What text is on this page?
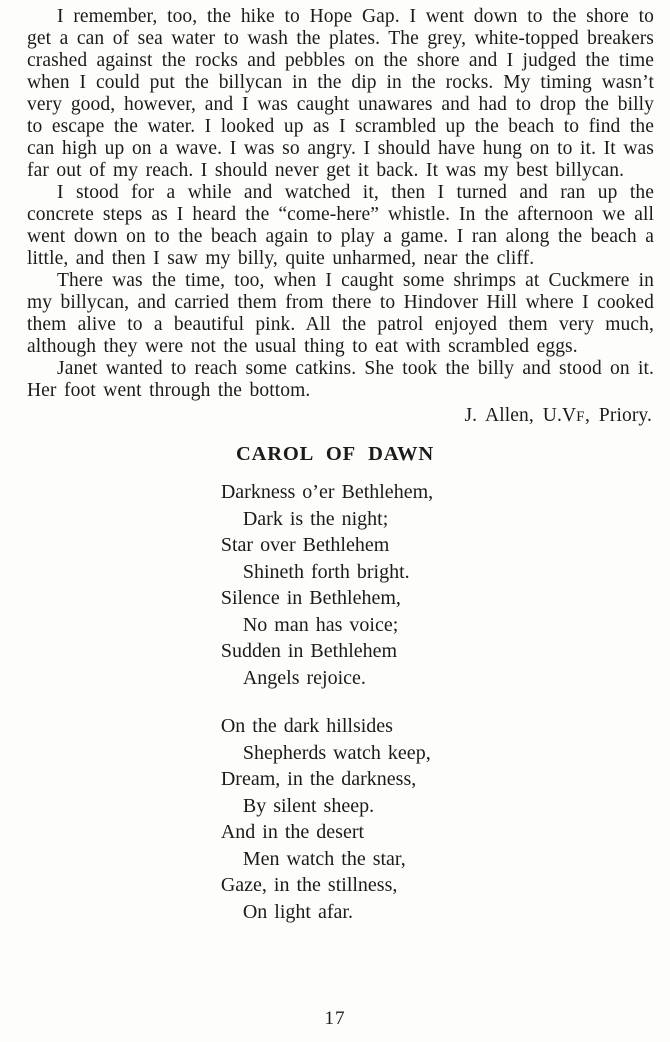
I remember, too, the hike to Hope Gap. I went down to the shore to get a can of sea water to wash the plates. The grey, white-topped breakers crashed against the rocks and pebbles on the shore and I judged the time when I could put the billycan in the dip in the rocks. My timing wasn’t very good, however, and I was caught unawares and had to drop the billy to escape the water. I looked up as I scrambled up the beach to find the can high up on a wave. I was so angry. I should have hung on to it. It was far out of my reach. I should never get it back. It was my best billycan.

I stood for a while and watched it, then I turned and ran up the concrete steps as I heard the “come-here” whistle. In the afternoon we all went down on to the beach again to play a game. I ran along the beach a little, and then I saw my billy, quite unharmed, near the cliff.

There was the time, too, when I caught some shrimps at Cuckmere in my billycan, and carried them from there to Hindover Hill where I cooked them alive to a beautiful pink. All the patrol enjoyed them very much, although they were not the usual thing to eat with scrambled eggs.

Janet wanted to reach some catkins. She took the billy and stood on it. Her foot went through the bottom.

J. Allen, U.VF, Priory.

CAROL OF DAWN
Darkness o’er Bethlehem,
Dark is the night;
Star over Bethlehem
Shineth forth bright.
Silence in Bethlehem,
No man has voice;
Sudden in Bethlehem
Angels rejoice.
On the dark hillsides
Shepherds watch keep,
Dream, in the darkness,
By silent sheep.
And in the desert
Men watch the star,
Gaze, in the stillness,
On light afar.
17
